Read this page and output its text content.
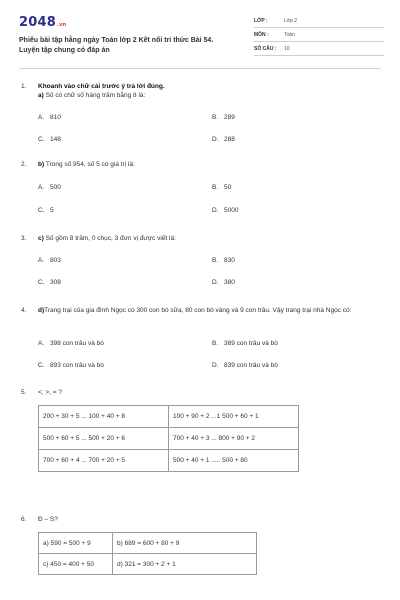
2048.vn
Phiếu bài tập hằng ngày Toán lớp 2 Kết nối tri thức Bài 54.
Luyện tập chung có đáp án
LỚP :	Lớp 2
MÔN :	Toán
SỐ CÂU :	10
1.	Khoanh vào chữ cái trước ý trả lời đúng.
a) Số có chữ số hàng trăm bằng 8 là:
A. 810	B. 289
C. 148	D. 288
2.	b) Trong số 954, số 5 có giá trị là:
A. 500	B. 50
C. 5	D. 5000
3.	c) Số gồm 8 trăm, 0 chục, 3 đơn vị được viết là:
A. 803	B. 830
C. 308	D. 380
4.	d)Trang trại của gia đình Ngọc có 300 con bò sữa, 80 con bò vàng và 9 con trâu. Vậy trang trại nhà Ngọc có:
A. 398 con trâu và bò	B. 389 con trâu và bò
C. 893 con trâu và bò	D. 839 con trâu và bò
5.	<, >, = ?
200 + 30 + 5 ... 100 + 40 + 8	100 + 90 + 2 ...1 500 + 60 + 1
500 + 60 + 5 ... 500 + 20 + 6	700 + 40 + 3 ... 800 + 90 + 2
700 + 60 + 4 ... 700 + 20 + 5	500 + 40 + 1 ..... 500 + 80
6.	Đ – S?
a) 590 = 500 + 9	b) 689 = 600 + 80 + 9
c) 450 = 400 + 50	d) 321 = 300 + 2 + 1
